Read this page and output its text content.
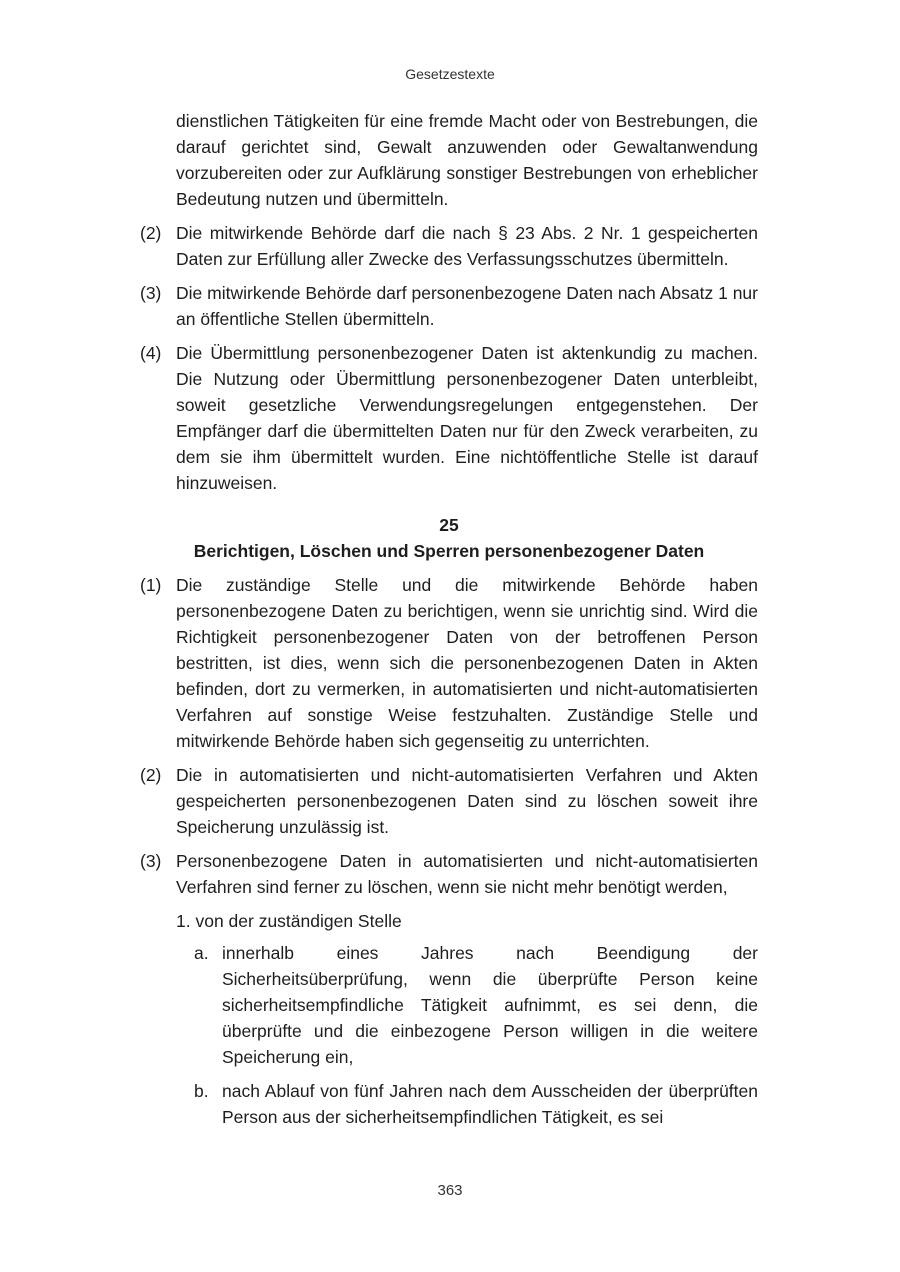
Gesetzestexte

dienstlichen Tätigkeiten für eine fremde Macht oder von Bestrebungen, die darauf gerichtet sind, Gewalt anzuwenden oder Gewaltanwendung vorzubereiten oder zur Aufklärung sonstiger Bestrebungen von erheblicher Bedeutung nutzen und übermitteln.

(2) Die mitwirkende Behörde darf die nach § 23 Abs. 2 Nr. 1 gespeicherten Daten zur Erfüllung aller Zwecke des Verfassungsschutzes übermitteln.
(3) Die mitwirkende Behörde darf personenbezogene Daten nach Absatz 1 nur an öffentliche Stellen übermitteln.
(4) Die Übermittlung personenbezogener Daten ist aktenkundig zu machen. Die Nutzung oder Übermittlung personenbezogener Daten unterbleibt, soweit gesetzliche Verwendungsregelungen entgegenstehen. Der Empfänger darf die übermittelten Daten nur für den Zweck verarbeiten, zu dem sie ihm übermittelt wurden. Eine nichtöffentliche Stelle ist darauf hinzuweisen.
25
Berichtigen, Löschen und Sperren personenbezogener Daten
(1) Die zuständige Stelle und die mitwirkende Behörde haben personenbezogene Daten zu berichtigen, wenn sie unrichtig sind. Wird die Richtigkeit personenbezogener Daten von der betroffenen Person bestritten, ist dies, wenn sich die personenbezogenen Daten in Akten befinden, dort zu vermerken, in automatisierten und nicht-automatisierten Verfahren auf sonstige Weise festzuhalten. Zuständige Stelle und mitwirkende Behörde haben sich gegenseitig zu unterrichten.
(2) Die in automatisierten und nicht-automatisierten Verfahren und Akten gespeicherten personenbezogenen Daten sind zu löschen soweit ihre Speicherung unzulässig ist.
(3) Personenbezogene Daten in automatisierten und nicht-automatisierten Verfahren sind ferner zu löschen, wenn sie nicht mehr benötigt werden,

1. von der zuständigen Stelle

a. innerhalb eines Jahres nach Beendigung der Sicherheitsüberprüfung, wenn die überprüfte Person keine sicherheitsempfindliche Tätigkeit aufnimmt, es sei denn, die überprüfte und die einbezogene Person willigen in die weitere Speicherung ein,
b. nach Ablauf von fünf Jahren nach dem Ausscheiden der überprüften Person aus der sicherheitsempfindlichen Tätigkeit, es sei
363
